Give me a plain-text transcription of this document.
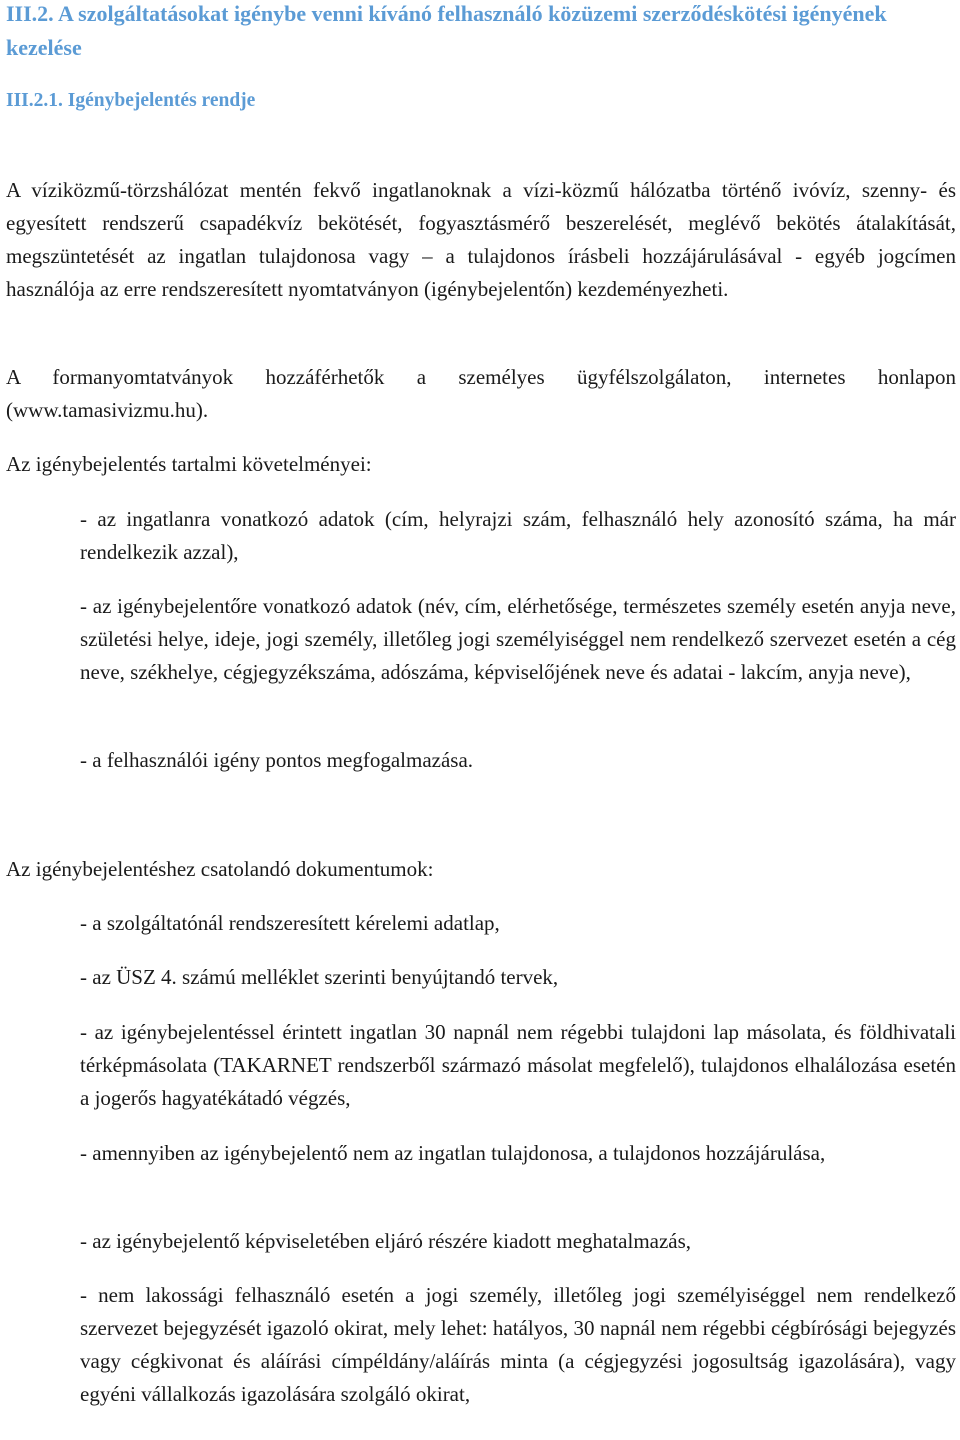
III.2. A szolgáltatásokat igénybe venni kívánó felhasználó közüzemi szerződéskötési igényének kezelése
III.2.1. Igénybejelentés rendje

A víziközmű-törzshálózat mentén fekvő ingatlanoknak a vízi-közmű hálózatba történő ivóvíz, szenny- és egyesített rendszerű csapadékvíz bekötését, fogyasztásmérő beszerelését, meglévő bekötés átalakítását, megszüntetését az ingatlan tulajdonosa vagy – a tulajdonos írásbeli hozzájárulásával - egyéb jogcímen használója az erre rendszeresített nyomtatványon (igénybejelentőn) kezdeményezheti.

A formanyomtatványok hozzáférhetők a személyes ügyfélszolgálaton, internetes honlapon (www.tamasivizmu.hu).

Az igénybejelentés tartalmi követelményei:

- az ingatlanra vonatkozó adatok (cím, helyrajzi szám, felhasználó hely azonosító száma, ha már rendelkezik azzal),

- az igénybejelentőre vonatkozó adatok (név, cím, elérhetősége, természetes személy esetén anyja neve, születési helye, ideje, jogi személy, illetőleg jogi személyiséggel nem rendelkező szervezet esetén a cég neve, székhelye, cégjegyzékszáma, adószáma, képviselőjének neve és adatai - lakcím, anyja neve),

- a felhasználói igény pontos megfogalmazása.

Az igénybejelentéshez csatolandó dokumentumok:

- a szolgáltatónál rendszeresített kérelemi adatlap,

- az ÜSZ 4. számú melléklet szerinti benyújtandó tervek,

- az igénybejelentéssel érintett ingatlan 30 napnál nem régebbi tulajdoni lap másolata, és földhivatali térképmásolata (TAKARNET rendszerből származó másolat megfelelő), tulajdonos elhalálozása esetén a jogerős hagyatékátadó végzés,

- amennyiben az igénybejelentő nem az ingatlan tulajdonosa, a tulajdonos hozzájárulása,

- az igénybejelentő képviseletében eljáró részére kiadott meghatalmazás,

- nem lakossági felhasználó esetén a jogi személy, illetőleg jogi személyiséggel nem rendelkező szervezet bejegyzését igazoló okirat, mely lehet: hatályos, 30 napnál nem régebbi cégbírósági bejegyzés vagy cégkivonat és aláírási címpéldány/aláírás minta (a cégjegyzési jogosultság igazolására), vagy egyéni vállalkozás igazolására szolgáló okirat,
